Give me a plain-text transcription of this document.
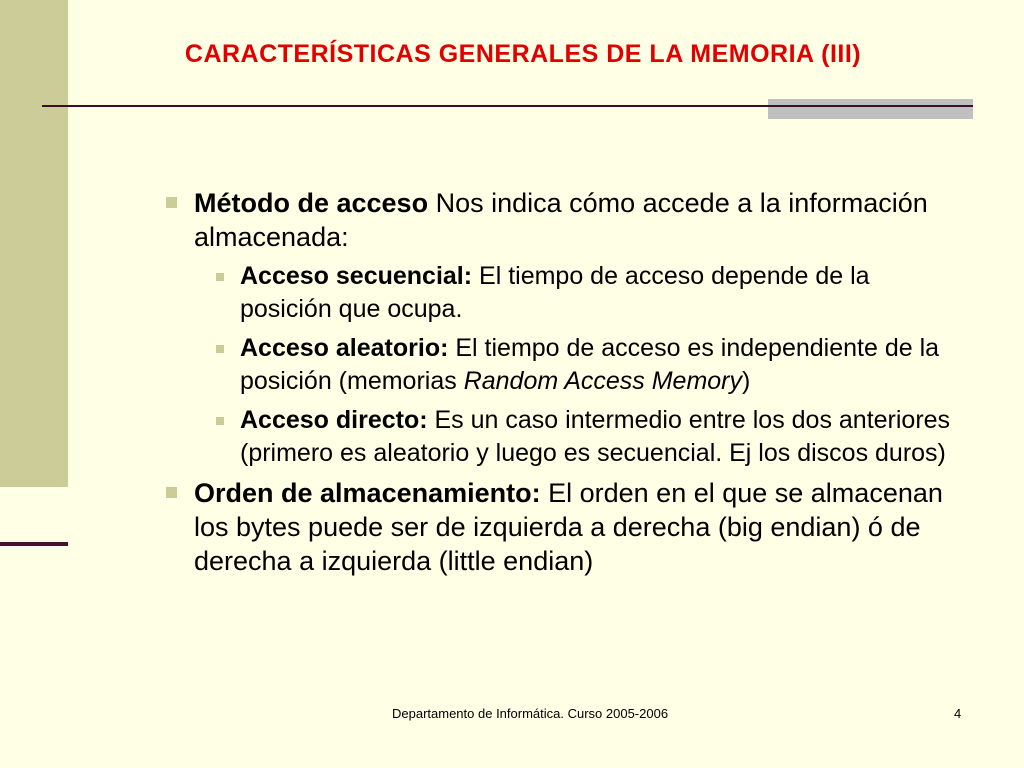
CARACTERÍSTICAS GENERALES DE LA MEMORIA (III)
Método de acceso Nos indica cómo accede a la información almacenada:
Acceso secuencial: El tiempo de acceso depende de la posición que ocupa.
Acceso aleatorio: El tiempo de acceso es independiente de la posición (memorias Random Access Memory)
Acceso directo: Es un caso intermedio entre los dos anteriores (primero es aleatorio y luego es secuencial. Ej los discos duros)
Orden de almacenamiento: El orden en el que se almacenan los bytes puede ser de izquierda a derecha (big endian) ó de derecha a izquierda (little endian)
Departamento de Informática. Curso 2005-2006	4
